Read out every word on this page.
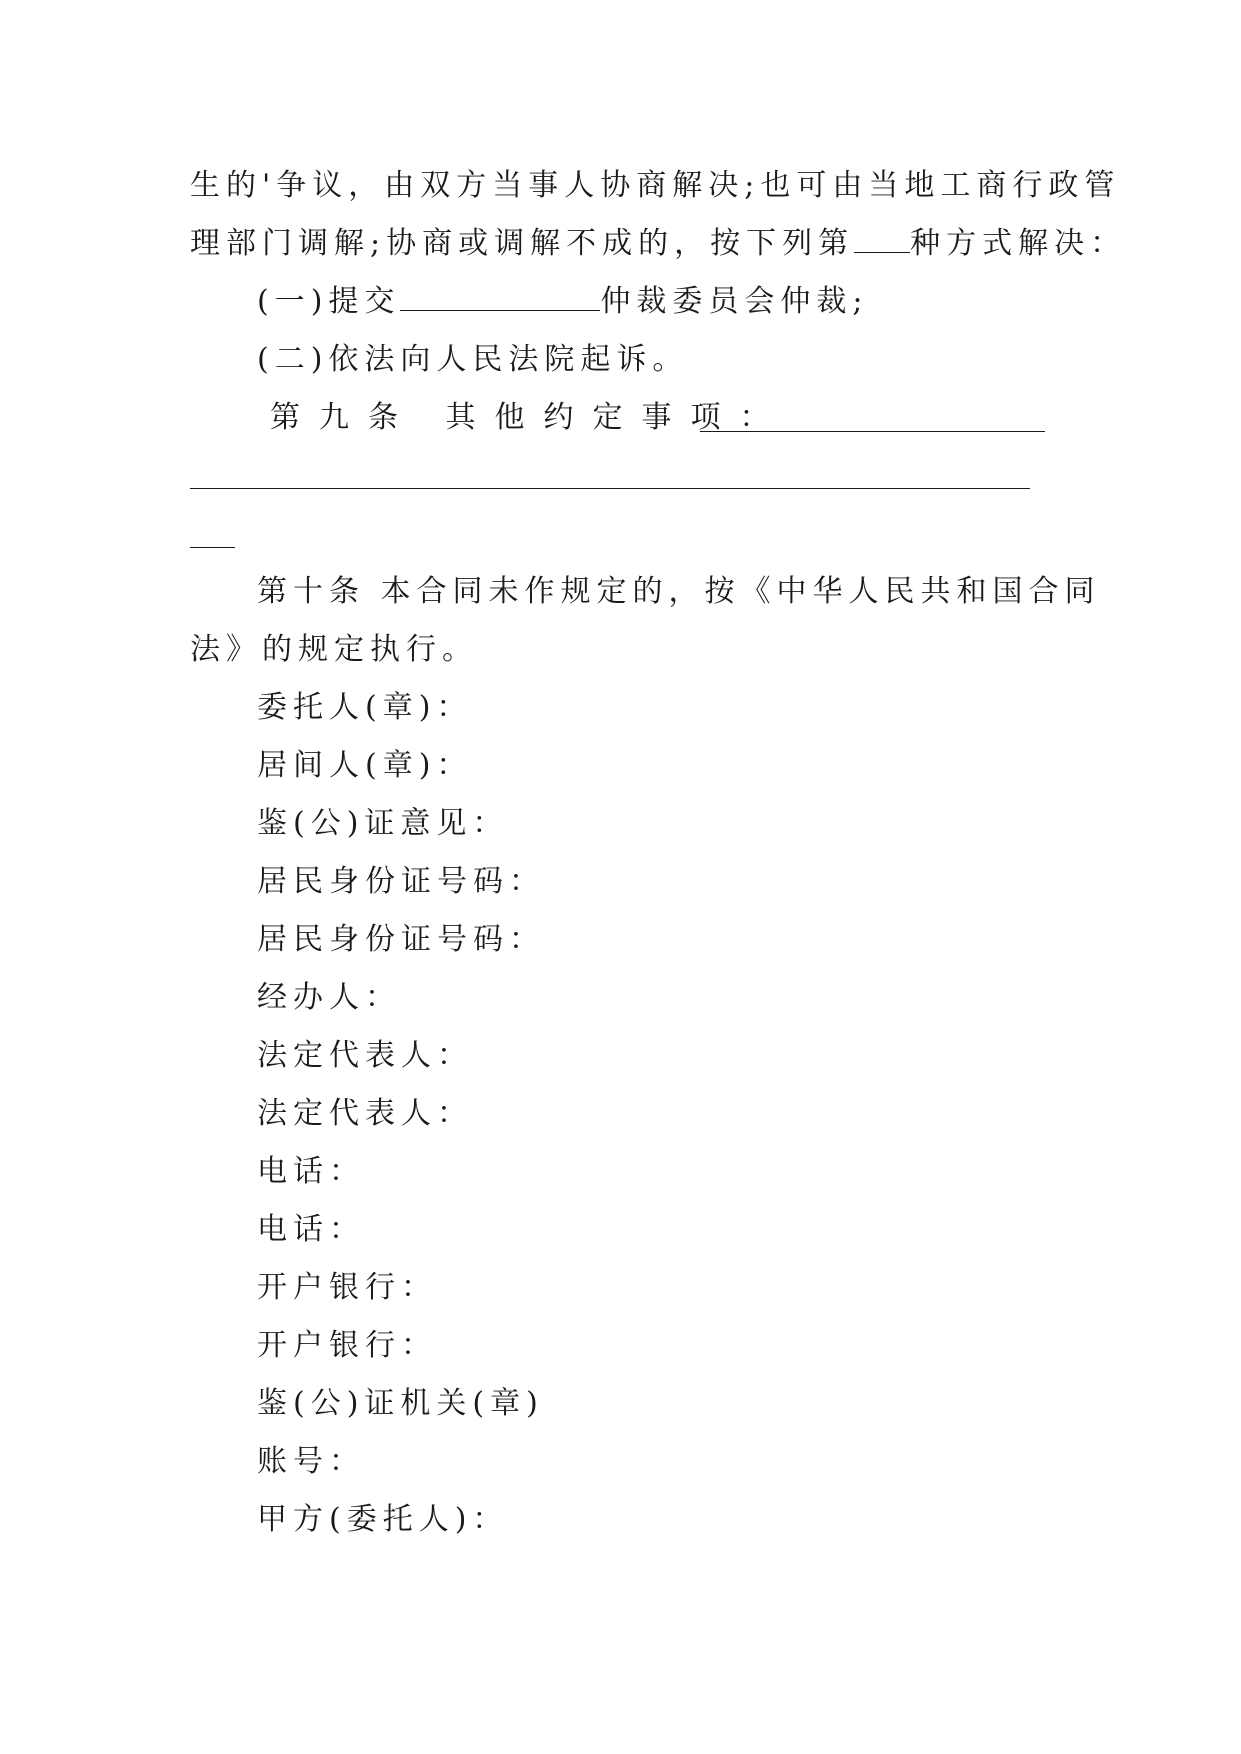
生的'争议，由双方当事人协商解决;也可由当地工商行政管
理部门调解;协商或调解不成的，按下列第 种方式解决：
(一)提交	仲裁委员会仲裁;
(二)依法向人民法院起诉。
第九条 其他约定事项：
第十条 本合同未作规定的，按《中华人民共和国合同
法》的规定执行。
委托人(章)：
居间人(章)：
鉴(公)证意见：
居民身份证号码：
居民身份证号码：
经办人：
法定代表人：
法定代表人：
电话：
电话：
开户银行：
开户银行：
鉴(公)证机关(章)
账号：
甲方(委托人)：
